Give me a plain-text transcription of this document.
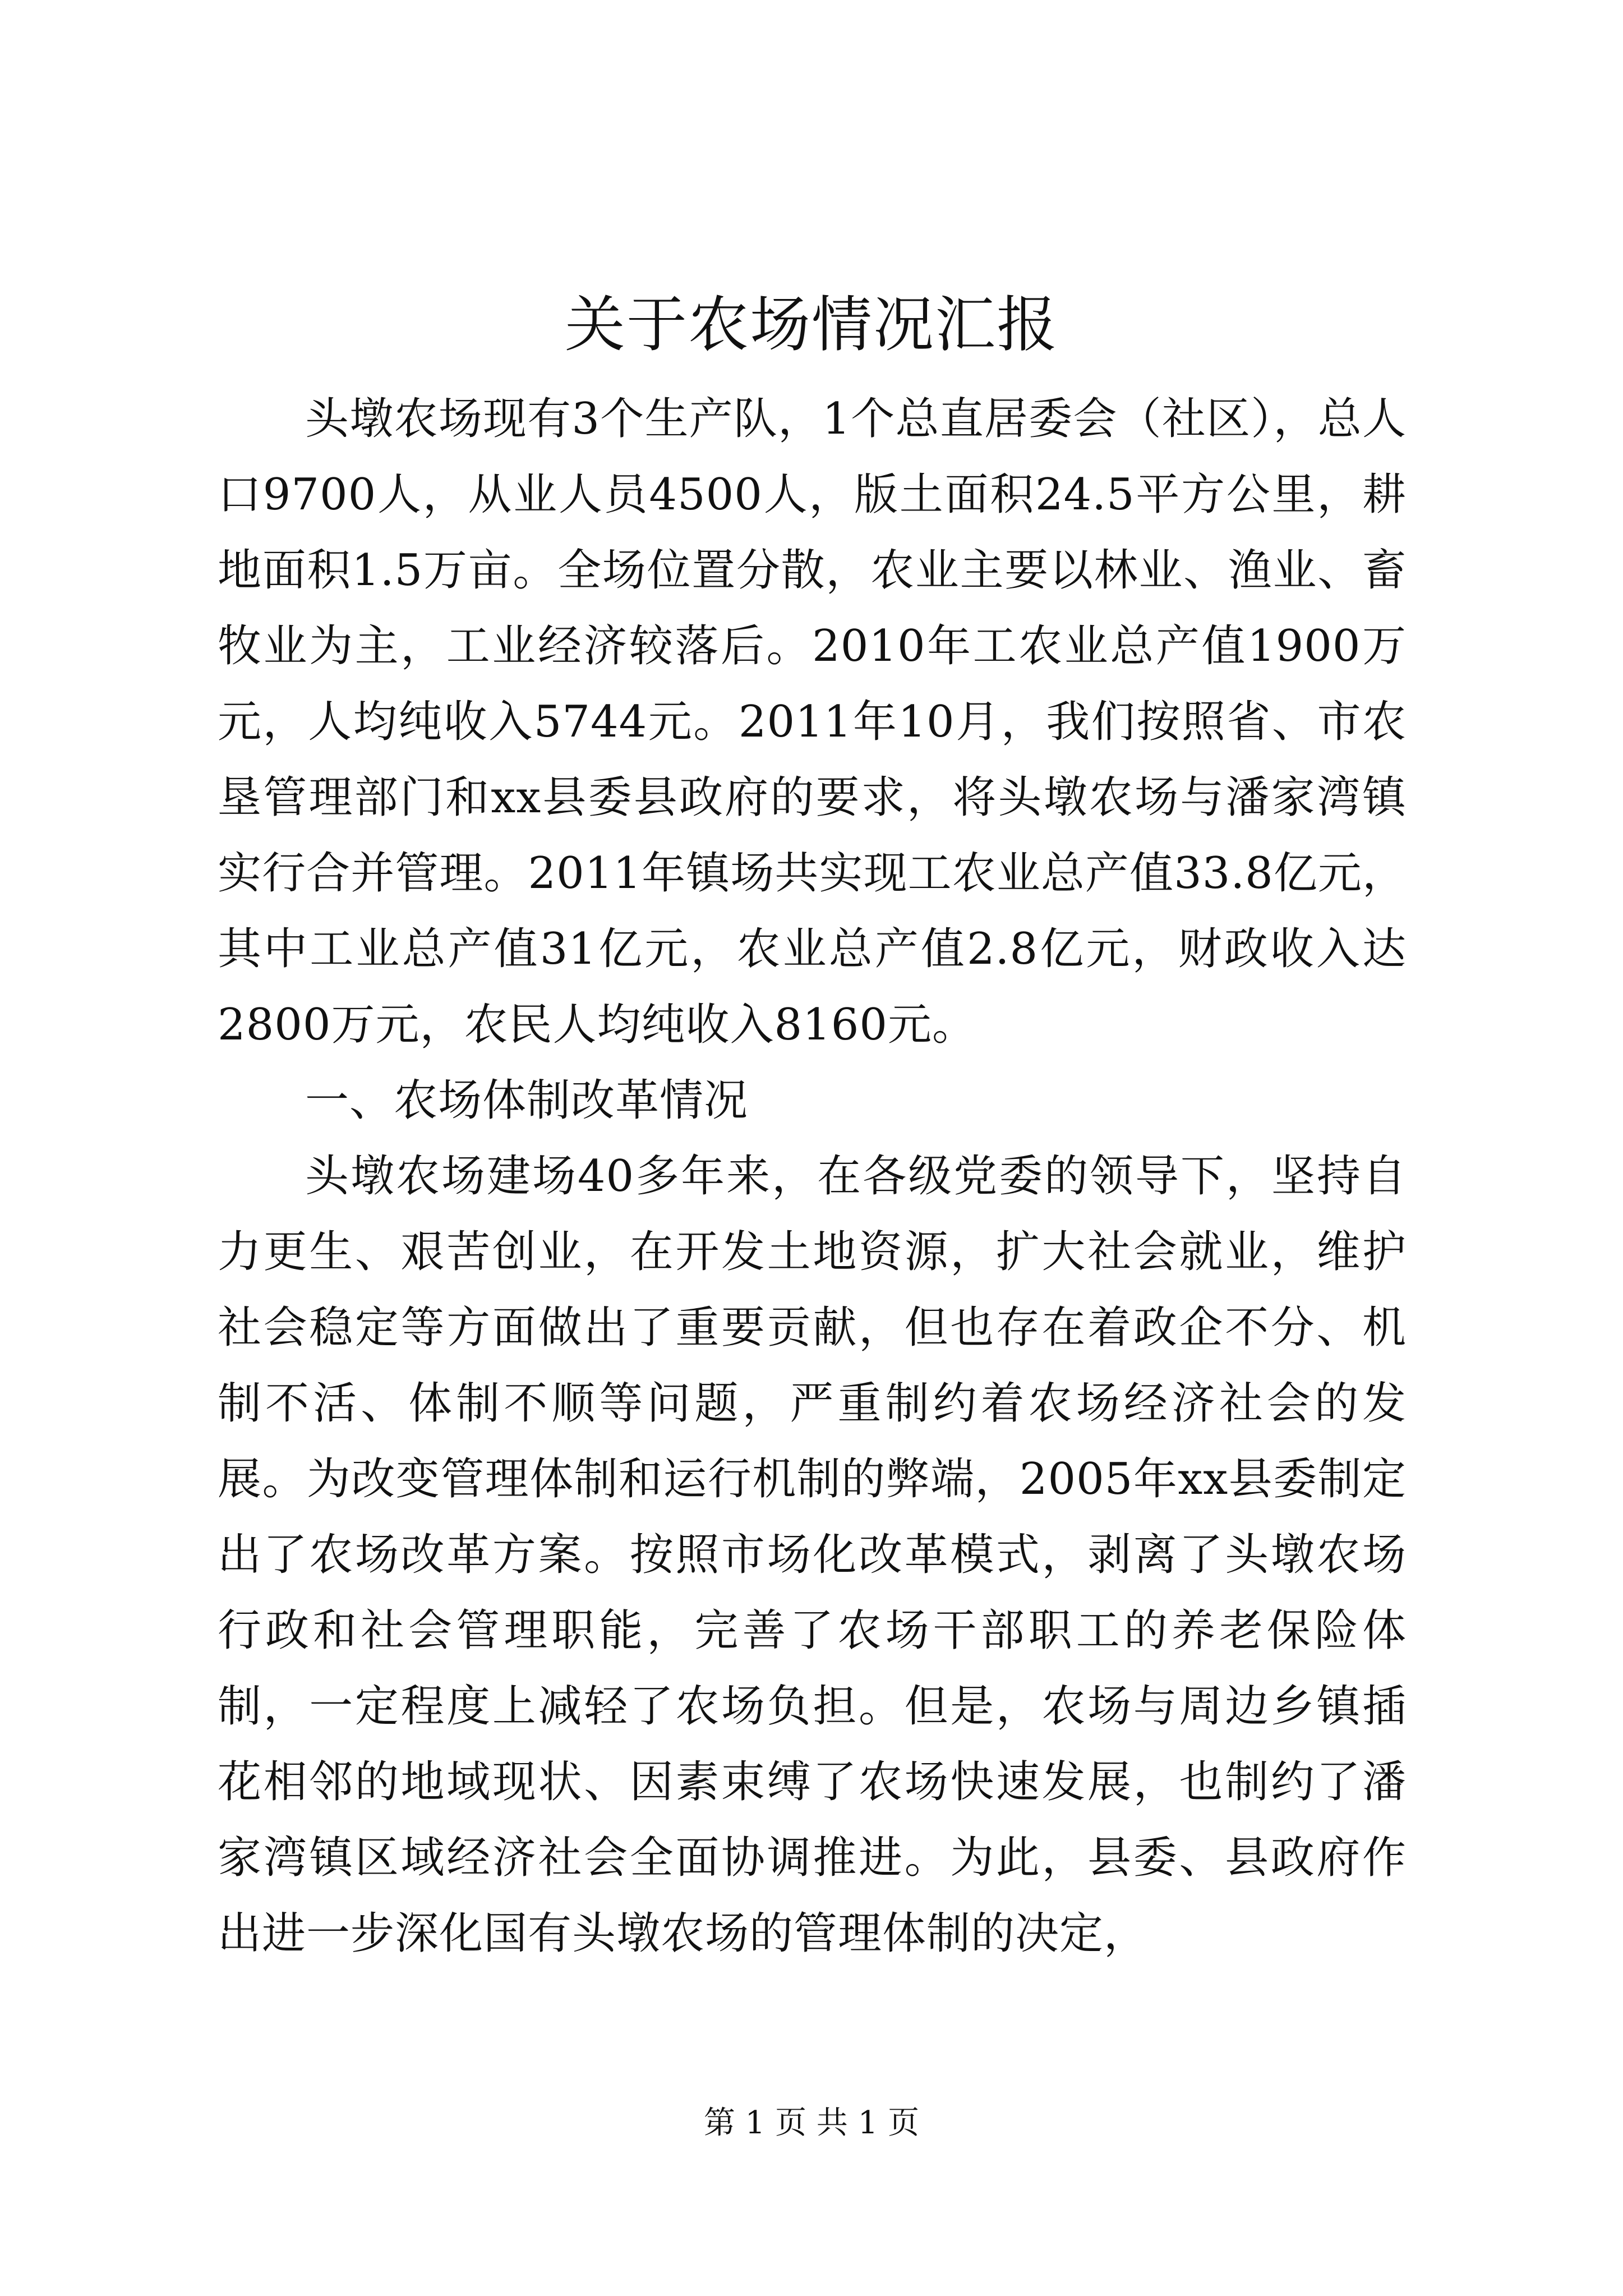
关于农场情况汇报

头墩农场现有3个生产队，1个总直居委会（社区），总人口9700人，从业人员4500人，版土面积24.5平方公里，耕地面积1.5万亩。全场位置分散，农业主要以林业、渔业、畜牧业为主，工业经济较落后。2010年工农业总产值1900万元，人均纯收入5744元。2011年10月，我们按照省、市农垦管理部门和xx县委县政府的要求，将头墩农场与潘家湾镇实行合并管理。2011年镇场共实现工农业总产值33.8亿元，其中工业总产值31亿元，农业总产值2.8亿元，财政收入达2800万元，农民人均纯收入8160元。

一、农场体制改革情况

头墩农场建场40多年来，在各级党委的领导下，坚持自力更生、艰苦创业，在开发土地资源，扩大社会就业，维护社会稳定等方面做出了重要贡献，但也存在着政企不分、机制不活、体制不顺等问题，严重制约着农场经济社会的发展。为改变管理体制和运行机制的弊端，2005年xx县委制定出了农场改革方案。按照市场化改革模式，剥离了头墩农场行政和社会管理职能，完善了农场干部职工的养老保险体制，一定程度上减轻了农场负担。但是，农场与周边乡镇插花相邻的地域现状、因素束缚了农场快速发展，也制约了潘家湾镇区域经济社会全面协调推进。为此，县委、县政府作出进一步深化国有头墩农场的管理体制的决定，

第 1 页 共 1 页
